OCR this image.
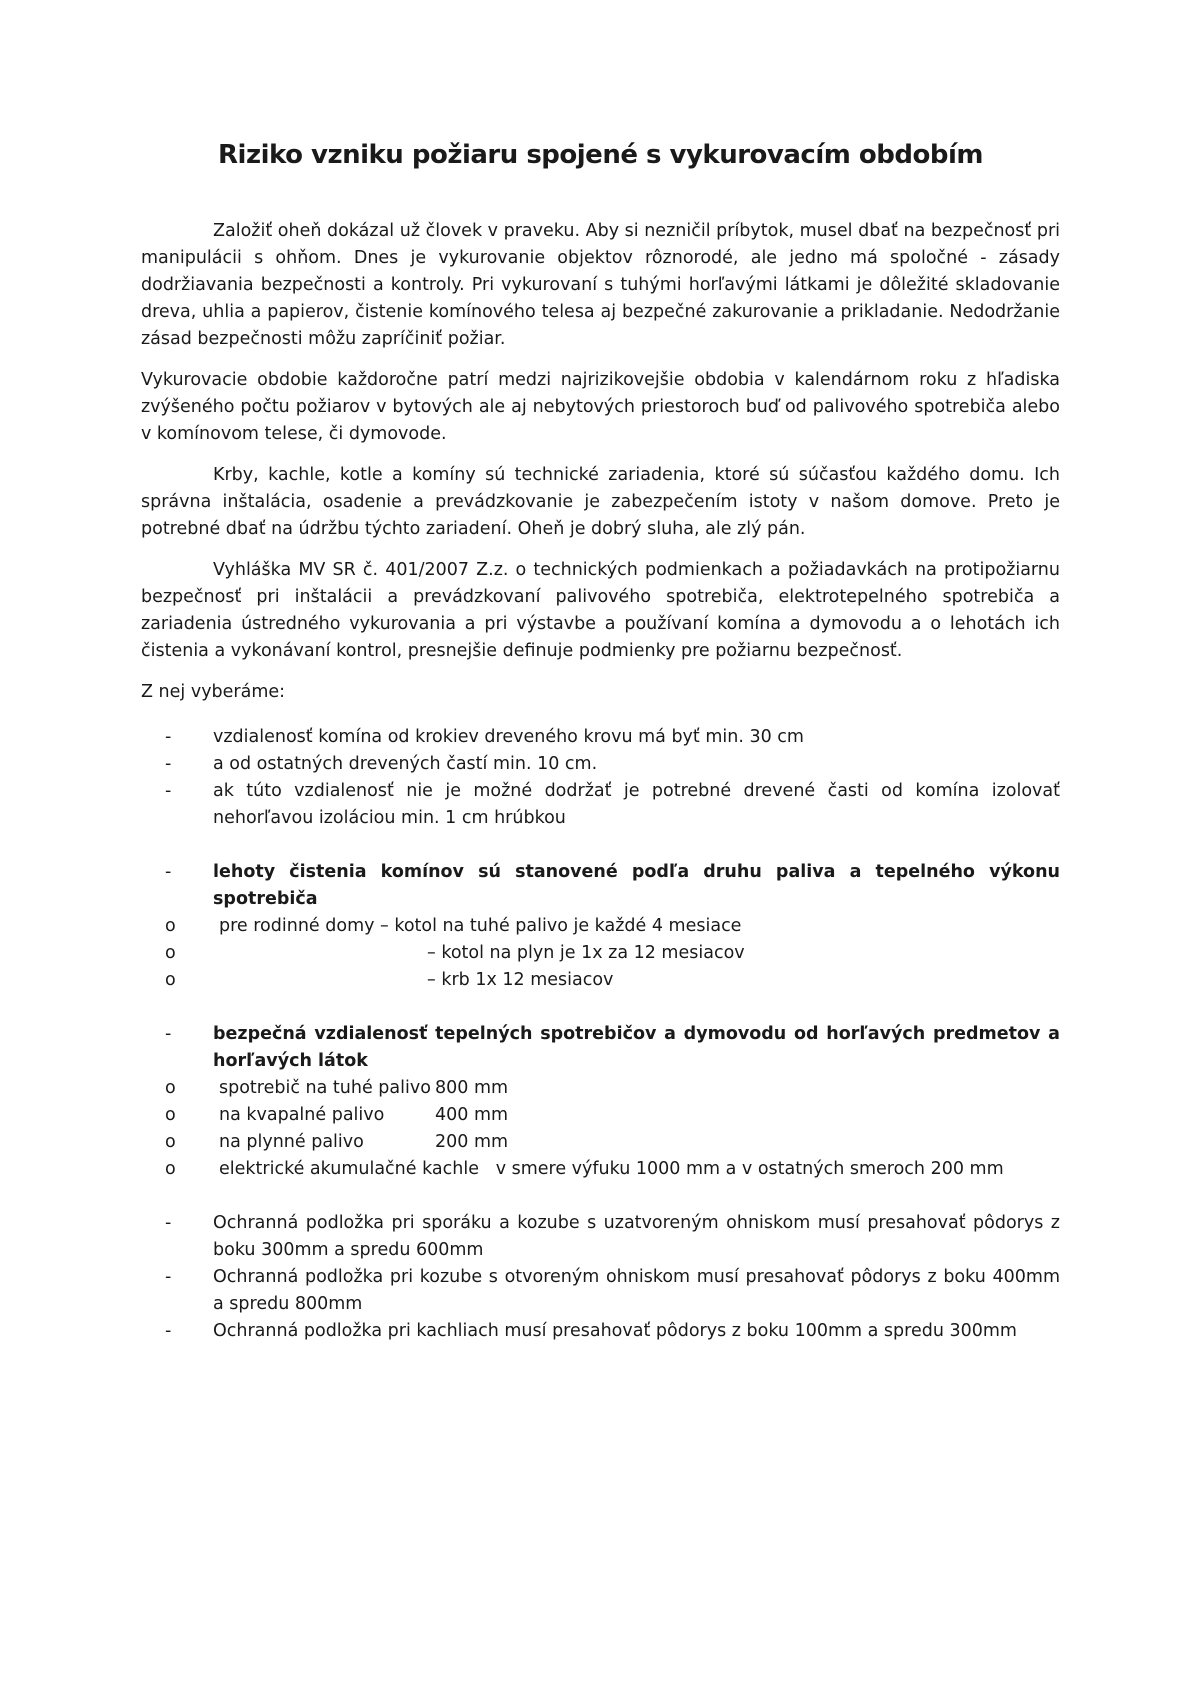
Riziko vzniku požiaru spojené s vykurovacím obdobím

Založiť oheň dokázal už človek v praveku. Aby si nezničil príbytok, musel dbať na bezpečnosť pri manipulácii s ohňom. Dnes je vykurovanie objektov rôznorodé, ale jedno má spoločné - zásady dodržiavania bezpečnosti a kontroly. Pri vykurovaní s tuhými horľavými látkami je dôležité skladovanie dreva, uhlia a papierov, čistenie komínového telesa aj bezpečné zakurovanie a prikladanie. Nedodržanie zásad bezpečnosti môžu zapríčiniť požiar.

Vykurovacie obdobie každoročne patrí medzi najrizikovejšie obdobia v kalendárnom roku z hľadiska zvýšeného počtu požiarov v bytových ale aj nebytových priestoroch buď od palivového spotrebiča alebo v komínovom telese, či dymovode.

Krby, kachle, kotle a komíny sú technické zariadenia, ktoré sú súčasťou každého domu. Ich správna inštalácia, osadenie a prevádzkovanie je zabezpečením istoty v našom domove. Preto je potrebné dbať na údržbu týchto zariadení. Oheň je dobrý sluha, ale zlý pán.

Vyhláška MV SR č. 401/2007 Z.z. o technických podmienkach a požiadavkách na protipožiarnu bezpečnosť pri inštalácii a prevádzkovaní palivového spotrebiča, elektrotepelného spotrebiča a zariadenia ústredného vykurovania a pri výstavbe a používaní komína a dymovodu a o lehotách ich čistenia a vykonávaní kontrol, presnejšie definuje podmienky pre požiarnu bezpečnosť.

Z nej vyberáme:

-	vzdialenosť komína od krokiev dreveného krovu má byť min. 30 cm
-	a od ostatných drevených častí min. 10 cm.
-	ak túto vzdialenosť nie je možné dodržať je potrebné drevené časti od komína izolovať nehorľavou izoláciou min. 1 cm hrúbkou
-	lehoty čistenia komínov sú stanovené podľa druhu paliva a tepelného výkonu spotrebiča
o	pre rodinné domy – kotol na tuhé palivo je každé 4 mesiace
o	– kotol na plyn je 1x za 12 mesiacov
o	– krb 1x 12 mesiacov
-	bezpečná vzdialenosť tepelných spotrebičov a dymovodu od horľavých predmetov a horľavých látok
o	spotrebič na tuhé palivo 800 mm
o	na kvapalné palivo	400 mm
o	na plynné palivo	200 mm
o	elektrické akumulačné kachle v smere výfuku 1000 mm a v ostatných smeroch 200 mm
-	Ochranná podložka pri sporáku a kozube s uzatvoreným ohniskom musí presahovať pôdorys z boku 300mm a spredu 600mm
-	Ochranná podložka pri kozube s otvoreným ohniskom musí presahovať pôdorys z boku 400mm a spredu 800mm
-	Ochranná podložka pri kachliach musí presahovať pôdorys z boku 100mm a spredu 300mm
